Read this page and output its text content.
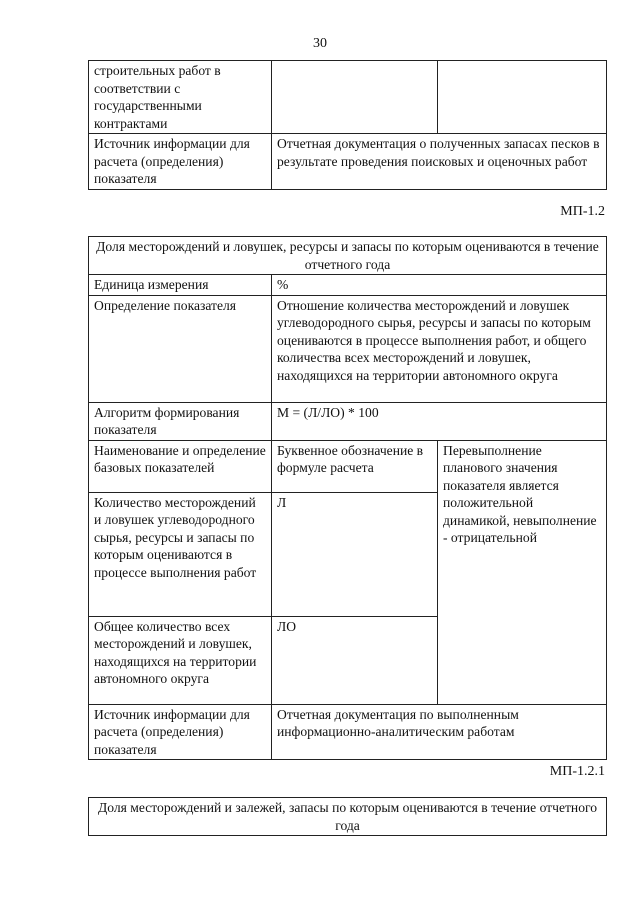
30
строительных работ в соответствии с государственными контрактами		
Источник информации для расчета (определения) показателя	Отчетная документация о полученных запасах песков в результате проведения поисковых и оценочных работ	
МП-1.2
Доля месторождений и ловушек, ресурсы и запасы по которым оцениваются в течение отчетного года		
Единица измерения	%	
Определение показателя	Отношение количества месторождений и ловушек углеводородного сырья, ресурсы и запасы по которым оцениваются в процессе выполнения работ, и общего количества всех месторождений и ловушек, находящихся на территории автономного округа	
Алгоритм формирования показателя	М = (Л/ЛО) * 100	
Наименование и определение базовых показателей	Буквенное обозначение в формуле расчета	Перевыполнение планового значения показателя является положительной динамикой, невыполнение - отрицательной
Количество месторождений и ловушек углеводородного сырья, ресурсы и запасы по которым оцениваются в процессе выполнения работ	Л	
Общее количество всех месторождений и ловушек, находящихся на территории автономного округа	ЛО	
Источник информации для расчета (определения) показателя	Отчетная документация по выполненным информационно-аналитическим работам	
МП-1.2.1
Доля месторождений и залежей, запасы по которым оцениваются в течение отчетного года
